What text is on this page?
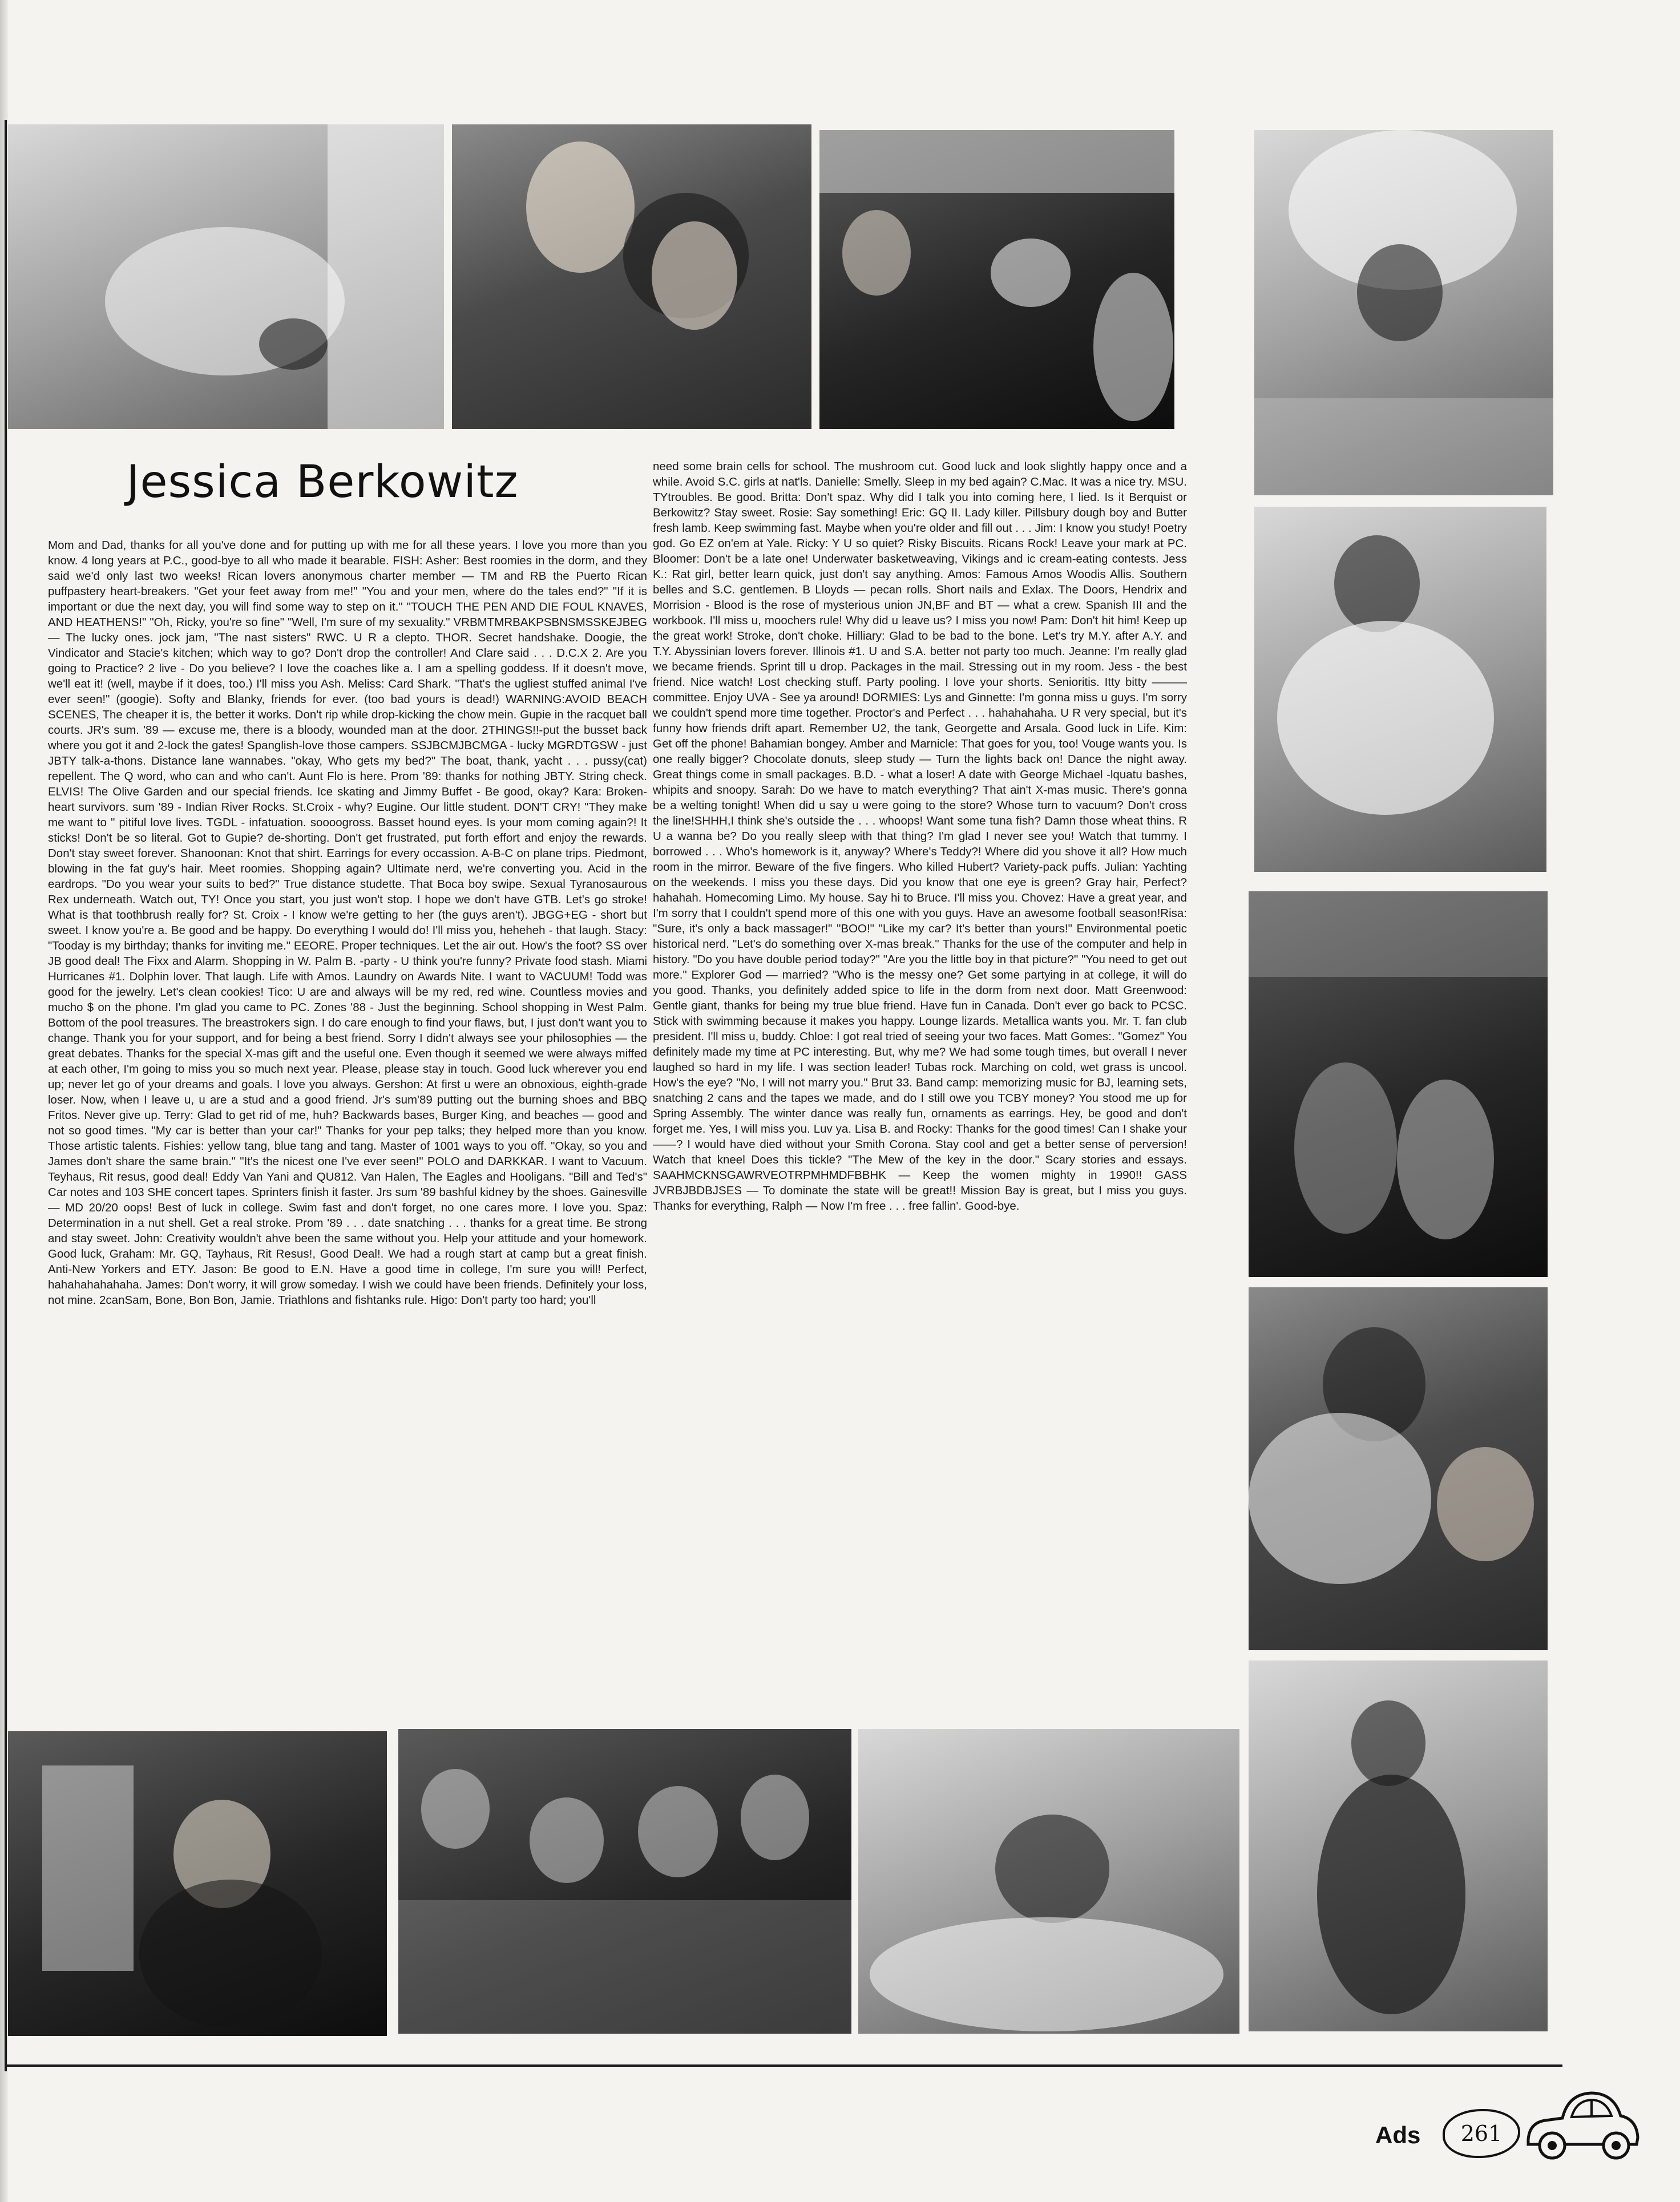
Jessica Berkowitz

Mom and Dad, thanks for all you've done and for putting up with me for all these years. I love you more than you know. 4 long years at P.C., good-bye to all who made it bearable. FISH: Asher: Best roomies in the dorm, and they said we'd only last two weeks! Rican lovers anonymous charter member — TM and RB the Puerto Rican puffpastery heart-breakers. "Get your feet away from me!" "You and your men, where do the tales end?" "If it is important or due the next day, you will find some way to step on it." "TOUCH THE PEN AND DIE FOUL KNAVES, AND HEATHENS!" "Oh, Ricky, you're so fine" "Well, I'm sure of my sexuality." VRBMTMRBAKPSBNSMSSKEJBEG — The lucky ones. jock jam, "The nast sisters" RWC. U R a clepto. THOR. Secret handshake. Doogie, the Vindicator and Stacie's kitchen; which way to go? Don't drop the controller! And Clare said . . . D.C.X 2. Are you going to Practice? 2 live - Do you believe? I love the coaches like a. I am a spelling goddess. If it doesn't move, we'll eat it! (well, maybe if it does, too.) I'll miss you Ash. Meliss: Card Shark. "That's the ugliest stuffed animal I've ever seen!" (googie). Softy and Blanky, friends for ever. (too bad yours is dead!) WARNING:AVOID BEACH SCENES, The cheaper it is, the better it works. Don't rip while drop-kicking the chow mein. Gupie in the racquet ball courts. JR's sum. '89 — excuse me, there is a bloody, wounded man at the door. 2THINGS!!-put the busset back where you got it and 2-lock the gates! Spanglish-love those campers. SSJBCMJBCMGA - lucky MGRDTGSW - just JBTY talk-a-thons. Distance lane wannabes. "okay, Who gets my bed?" The boat, thank, yacht . . . pussy(cat) repellent. The Q word, who can and who can't. Aunt Flo is here. Prom '89: thanks for nothing JBTY. String check. ELVIS! The Olive Garden and our special friends. Ice skating and Jimmy Buffet - Be good, okay? Kara: Broken-heart survivors. sum '89 - Indian River Rocks. St.Croix - why? Eugine. Our little student. DON'T CRY! "They make me want to " pitiful love lives. TGDL - infatuation. soooogross. Basset hound eyes. Is your mom coming again?! It sticks! Don't be so literal. Got to Gupie? de-shorting. Don't get frustrated, put forth effort and enjoy the rewards. Don't stay sweet forever. Shanoonan: Knot that shirt. Earrings for every occassion. A-B-C on plane trips. Piedmont, blowing in the fat guy's hair. Meet roomies. Shopping again? Ultimate nerd, we're converting you. Acid in the eardrops. "Do you wear your suits to bed?" True distance studette. That Boca boy swipe. Sexual Tyranosaurous Rex underneath. Watch out, TY! Once you start, you just won't stop. I hope we don't have GTB. Let's go stroke! What is that toothbrush really for? St. Croix - I know we're getting to her (the guys aren't). JBGG+EG - short but sweet. I know you're a. Be good and be happy. Do everything I would do! I'll miss you, heheheh - that laugh. Stacy: "Tooday is my birthday; thanks for inviting me." EEORE. Proper techniques. Let the air out. How's the foot? SS over JB good deal! The Fixx and Alarm. Shopping in W. Palm B. -party - U think you're funny? Private food stash. Miami Hurricanes #1. Dolphin lover. That laugh. Life with Amos. Laundry on Awards Nite. I want to VACUUM! Todd was good for the jewelry. Let's clean cookies! Tico: U are and always will be my red, red wine. Countless movies and mucho $ on the phone. I'm glad you came to PC. Zones '88 - Just the beginning. School shopping in West Palm. Bottom of the pool treasures. The breastrokers sign. I do care enough to find your flaws, but, I just don't want you to change. Thank you for your support, and for being a best friend. Sorry I didn't always see your philosophies — the great debates. Thanks for the special X-mas gift and the useful one. Even though it seemed we were always miffed at each other, I'm going to miss you so much next year. Please, please stay in touch. Good luck wherever you end up; never let go of your dreams and goals. I love you always. Gershon: At first u were an obnoxious, eighth-grade loser. Now, when I leave u, u are a stud and a good friend. Jr's sum'89 putting out the burning shoes and BBQ Fritos. Never give up. Terry: Glad to get rid of me, huh? Backwards bases, Burger King, and beaches — good and not so good times. "My car is better than your car!" Thanks for your pep talks; they helped more than you know. Those artistic talents. Fishies: yellow tang, blue tang and tang. Master of 1001 ways to you off. "Okay, so you and James don't share the same brain." "It's the nicest one I've ever seen!" POLO and DARKKAR. I want to Vacuum. Teyhaus, Rit resus, good deal! Eddy Van Yani and QU812. Van Halen, The Eagles and Hooligans. "Bill and Ted's" Car notes and 103 SHE concert tapes. Sprinters finish it faster. Jrs sum '89 bashful kidney by the shoes. Gainesville — MD 20/20 oops! Best of luck in college. Swim fast and don't forget, no one cares more. I love you. Spaz: Determination in a nut shell. Get a real stroke. Prom '89 . . . date snatching . . . thanks for a great time. Be strong and stay sweet. John: Creativity wouldn't ahve been the same without you. Help your attitude and your homework. Good luck, Graham: Mr. GQ, Tayhaus, Rit Resus!, Good Deal!. We had a rough start at camp but a great finish. Anti-New Yorkers and ETY. Jason: Be good to E.N. Have a good time in college, I'm sure you will! Perfect, hahahahahahaha. James: Don't worry, it will grow someday. I wish we could have been friends. Definitely your loss, not mine. 2canSam, Bone, Bon Bon, Jamie. Triathlons and fishtanks rule. Higo: Don't party too hard; you'll

need some brain cells for school. The mushroom cut. Good luck and look slightly happy once and a while. Avoid S.C. girls at nat'ls. Danielle: Smelly. Sleep in my bed again? C.Mac. It was a nice try. MSU. TYtroubles. Be good. Britta: Don't spaz. Why did I talk you into coming here, I lied. Is it Berquist or Berkowitz? Stay sweet. Rosie: Say something! Eric: GQ II. Lady killer. Pillsbury dough boy and Butter fresh lamb. Keep swimming fast. Maybe when you're older and fill out . . . Jim: I know you study! Poetry god. Go EZ on'em at Yale. Ricky: Y U so quiet? Risky Biscuits. Ricans Rock! Leave your mark at PC. Bloomer: Don't be a late one! Underwater basketweaving, Vikings and ic cream-eating contests. Jess K.: Rat girl, better learn quick, just don't say anything. Amos: Famous Amos Woodis Allis. Southern belles and S.C. gentlemen. B Lloyds — pecan rolls. Short nails and Exlax. The Doors, Hendrix and Morrision - Blood is the rose of mysterious union JN,BF and BT — what a crew. Spanish III and the workbook. I'll miss u, moochers rule! Why did u leave us? I miss you now! Pam: Don't hit him! Keep up the great work! Stroke, don't choke. Hilliary: Glad to be bad to the bone. Let's try M.Y. after A.Y. and T.Y. Abyssinian lovers forever. Illinois #1. U and S.A. better not party too much. Jeanne: I'm really glad we became friends. Sprint till u drop. Packages in the mail. Stressing out in my room. Jess - the best friend. Nice watch! Lost checking stuff. Party pooling. I love your shorts. Senioritis. Itty bitty ——— committee. Enjoy UVA - See ya around! DORMIES: Lys and Ginnette: I'm gonna miss u guys. I'm sorry we couldn't spend more time together. Proctor's and Perfect . . . hahahahaha. U R very special, but it's funny how friends drift apart. Remember U2, the tank, Georgette and Arsala. Good luck in Life. Kim: Get off the phone! Bahamian bongey. Amber and Marnicle: That goes for you, too! Vouge wants you. Is one really bigger? Chocolate donuts, sleep study — Turn the lights back on! Dance the night away. Great things come in small packages. B.D. - what a loser! A date with George Michael -lquatu bashes, whipits and snoopy. Sarah: Do we have to match everything? That ain't X-mas music. There's gonna be a welting tonight! When did u say u were going to the store? Whose turn to vacuum? Don't cross the line!SHHH,I think she's outside the . . . whoops! Want some tuna fish? Damn those wheat thins. R U a wanna be? Do you really sleep with that thing? I'm glad I never see you! Watch that tummy. I borrowed . . . Who's homework is it, anyway? Where's Teddy?! Where did you shove it all? How much room in the mirror. Beware of the five fingers. Who killed Hubert? Variety-pack puffs. Julian: Yachting on the weekends. I miss you these days. Did you know that one eye is green? Gray hair, Perfect?hahahah. Homecoming Limo. My house. Say hi to Bruce. I'll miss you. Chovez: Have a great year, and I'm sorry that I couldn't spend more of this one with you guys. Have an awesome football season!Risa: "Sure, it's only a back massager!" "BOO!" "Like my car? It's better than yours!" Environmental poetic historical nerd. "Let's do something over X-mas break." Thanks for the use of the computer and help in history. "Do you have double period today?" "Are you the little boy in that picture?" "You need to get out more." Explorer God — married? "Who is the messy one? Get some partying in at college, it will do you good. Thanks, you definitely added spice to life in the dorm from next door. Matt Greenwood: Gentle giant, thanks for being my true blue friend. Have fun in Canada. Don't ever go back to PCSC. Stick with swimming because it makes you happy. Lounge lizards. Metallica wants you. Mr. T. fan club president. I'll miss u, buddy. Chloe: I got real tried of seeing your two faces. Matt Gomes:. "Gomez" You definitely made my time at PC interesting. But, why me? We had some tough times, but overall I never laughed so hard in my life. I was section leader! Tubas rock. Marching on cold, wet grass is uncool. How's the eye? "No, I will not marry you." Brut 33. Band camp: memorizing music for BJ, learning sets, snatching 2 cans and the tapes we made, and do I still owe you TCBY money? You stood me up for Spring Assembly. The winter dance was really fun, ornaments as earrings. Hey, be good and don't forget me. Yes, I will miss you. Luv ya. Lisa B. and Rocky: Thanks for the good times! Can I shake your ——? I would have died without your Smith Corona. Stay cool and get a better sense of perversion! Watch that kneel Does this tickle? "The Mew of the key in the door." Scary stories and essays. SAAHMCKNSGAWRVEOTRPMHMDFBBHK — Keep the women mighty in 1990!! GASS JVRBJBDBJSES — To dominate the state will be great!! Mission Bay is great, but I miss you guys. Thanks for everything, Ralph — Now I'm free . . . free fallin'. Good-bye.

Ads 261
